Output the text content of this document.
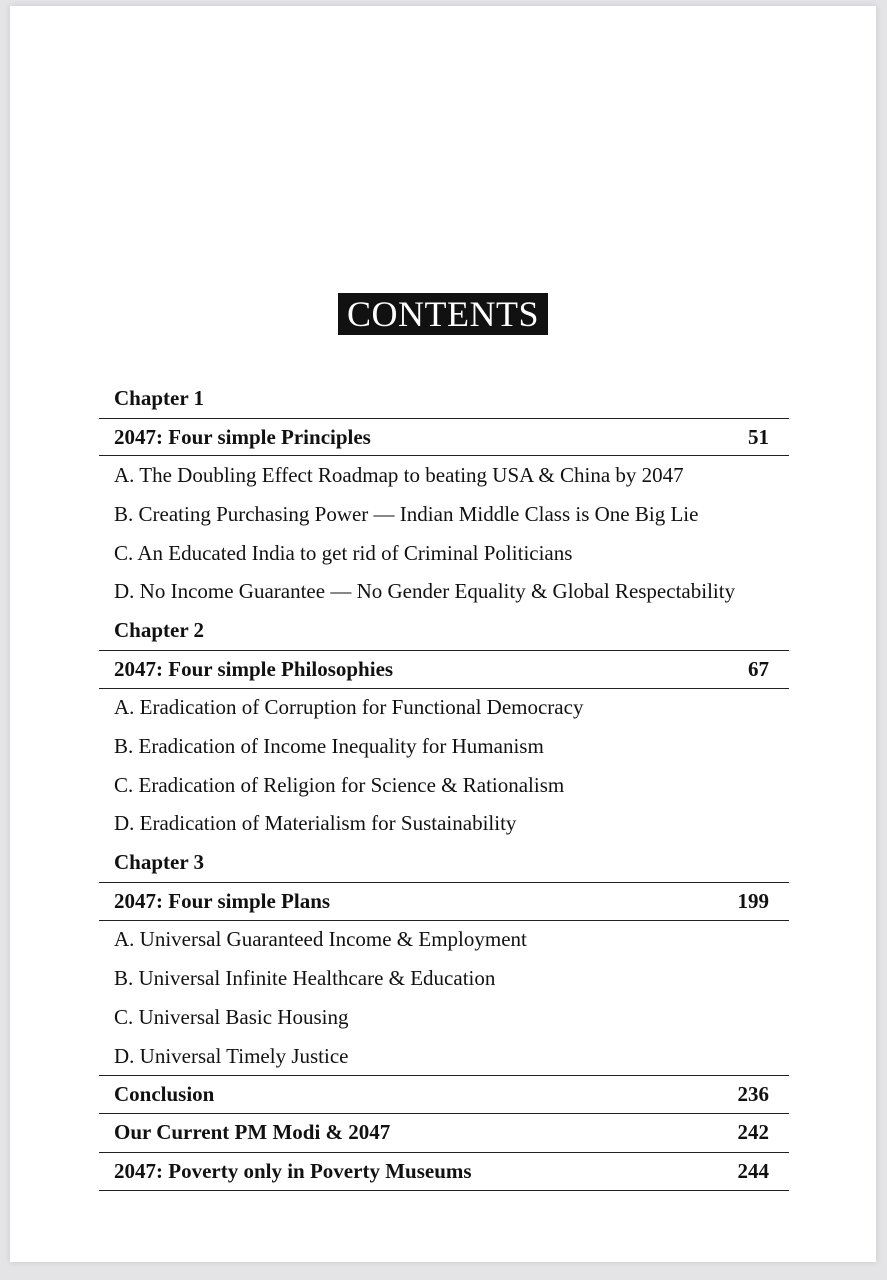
CONTENTS
Chapter 1
2047: Four simple Principles	51
A. The Doubling Effect Roadmap to beating USA & China by 2047
B. Creating Purchasing Power — Indian Middle Class is One Big Lie
C. An Educated India to get rid of Criminal Politicians
D. No Income Guarantee — No Gender Equality & Global Respectability
Chapter 2
2047: Four simple Philosophies	67
A. Eradication of Corruption for Functional Democracy
B. Eradication of Income Inequality for Humanism
C. Eradication of Religion for Science & Rationalism
D. Eradication of Materialism for Sustainability
Chapter 3
2047: Four simple Plans	199
A. Universal Guaranteed Income & Employment
B. Universal Infinite Healthcare & Education
C. Universal Basic Housing
D. Universal Timely Justice
Conclusion	236
Our Current PM Modi & 2047	242
2047: Poverty only in Poverty Museums	244
